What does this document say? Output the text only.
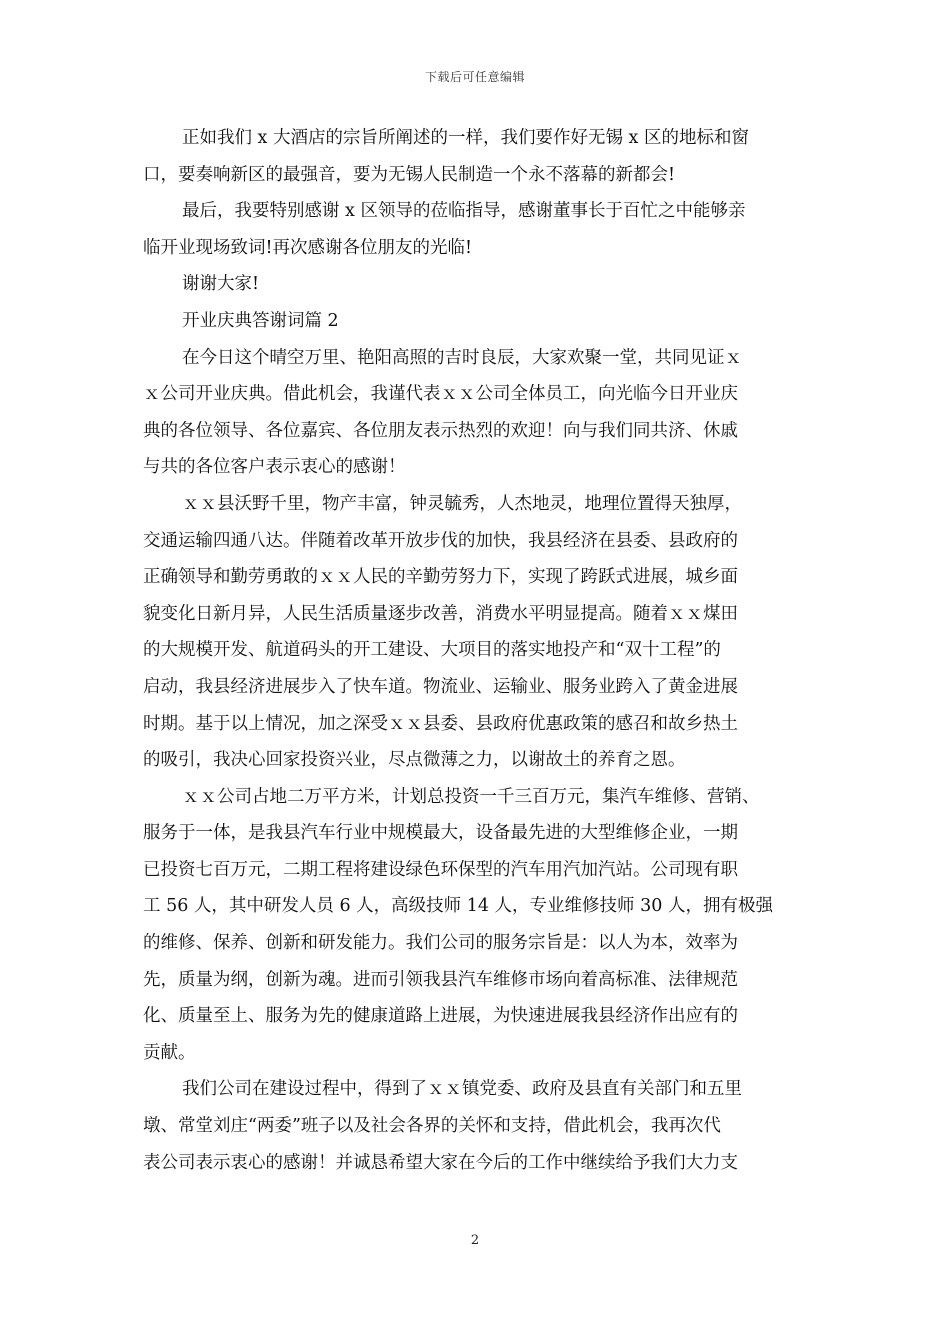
下载后可任意编辑
正如我们 x 大酒店的宗旨所阐述的一样，我们要作好无锡 x 区的地标和窗
口，要奏响新区的最强音，要为无锡人民制造一个永不落幕的新都会!
最后，我要特别感谢 x 区领导的莅临指导，感谢董事长于百忙之中能够亲
临开业现场致词!再次感谢各位朋友的光临!
谢谢大家!
开业庆典答谢词篇 2
在今日这个晴空万里、艳阳高照的吉时良辰，大家欢聚一堂，共同见证ｘ
ｘ公司开业庆典。借此机会，我谨代表ｘｘ公司全体员工，向光临今日开业庆
典的各位领导、各位嘉宾、各位朋友表示热烈的欢迎！向与我们同共济、休戚
与共的各位客户表示衷心的感谢！
ｘｘ县沃野千里，物产丰富，钟灵毓秀，人杰地灵，地理位置得天独厚，
交通运输四通八达。伴随着改革开放步伐的加快，我县经济在县委、县政府的
正确领导和勤劳勇敢的ｘｘ人民的辛勤劳努力下，实现了跨跃式进展，城乡面
貌变化日新月异，人民生活质量逐步改善，消费水平明显提高。随着ｘｘ煤田
的大规模开发、航道码头的开工建设、大项目的落实地投产和“双十工程”的
启动，我县经济进展步入了快车道。物流业、运输业、服务业跨入了黄金进展
时期。基于以上情况，加之深受ｘｘ县委、县政府优惠政策的感召和故乡热土
的吸引，我决心回家投资兴业，尽点微薄之力，以谢故土的养育之恩。
ｘｘ公司占地二万平方米，计划总投资一千三百万元，集汽车维修、营销、
服务于一体，是我县汽车行业中规模最大，设备最先进的大型维修企业，一期
已投资七百万元，二期工程将建设绿色环保型的汽车用汽加汽站。公司现有职
工 56 人，其中研发人员 6 人，高级技师 14 人，专业维修技师 30 人，拥有极强
的维修、保养、创新和研发能力。我们公司的服务宗旨是：以人为本，效率为
先，质量为纲，创新为魂。进而引领我县汽车维修市场向着高标准、法律规范
化、质量至上、服务为先的健康道路上进展，为快速进展我县经济作出应有的
贡献。
我们公司在建设过程中，得到了ｘｘ镇党委、政府及县直有关部门和五里
墩、常堂刘庄“两委”班子以及社会各界的关怀和支持，借此机会，我再次代
表公司表示衷心的感谢！并诚恳希望大家在今后的工作中继续给予我们大力支
2
